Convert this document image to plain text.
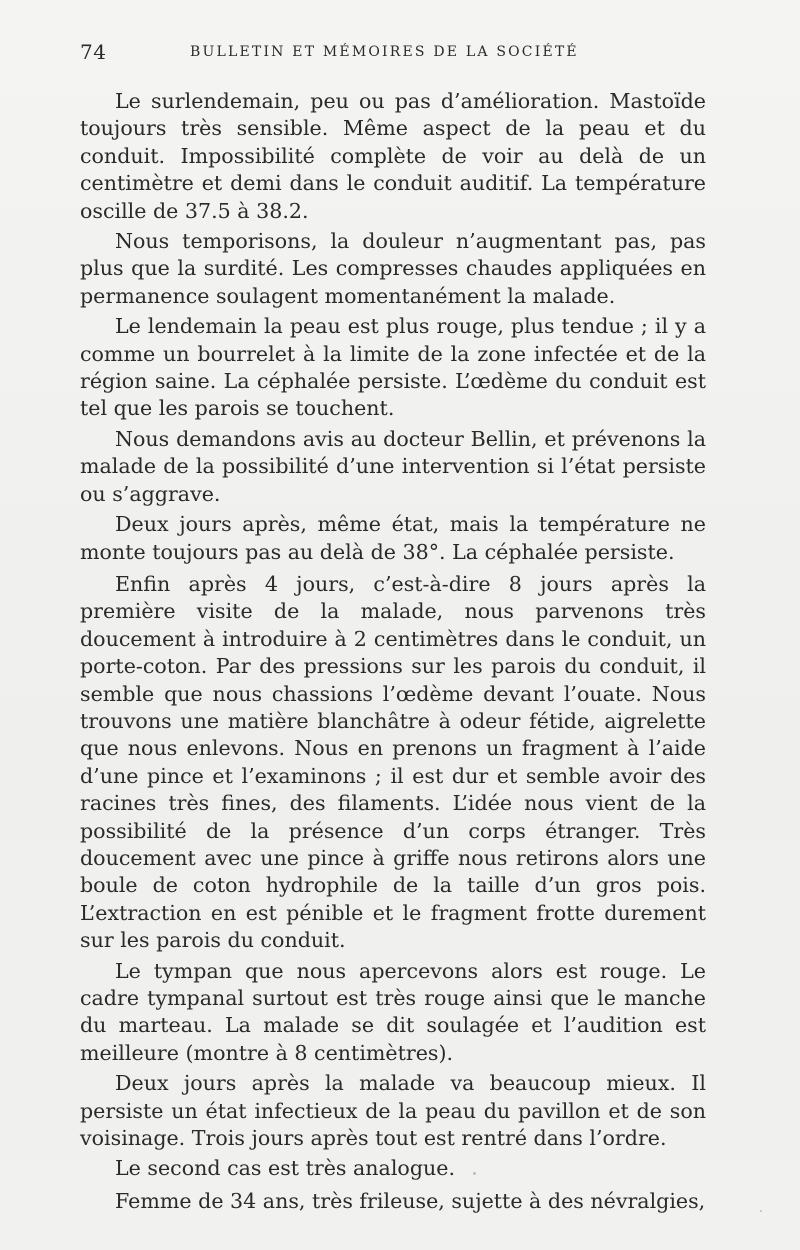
74	BULLETIN ET MÉMOIRES DE LA SOCIÉTÉ

Le surlendemain, peu ou pas d’amélioration. Mastoïde toujours très sensible. Même aspect de la peau et du conduit. Impossibilité complète de voir au delà de un centimètre et demi dans le conduit auditif. La température oscille de 37.5 à 38.2.

Nous temporisons, la douleur n’augmentant pas, pas plus que la surdité. Les compresses chaudes appliquées en permanence soulagent momentanément la malade.

Le lendemain la peau est plus rouge, plus tendue ; il y a comme un bourrelet à la limite de la zone infectée et de la région saine. La céphalée persiste. L’œdème du conduit est tel que les parois se touchent.

Nous demandons avis au docteur Bellin, et prévenons la malade de la possibilité d’une intervention si l’état persiste ou s’aggrave.

Deux jours après, même état, mais la température ne monte toujours pas au delà de 38°. La céphalée persiste.

Enfin après 4 jours, c’est-à-dire 8 jours après la première visite de la malade, nous parvenons très doucement à introduire à 2 centimètres dans le conduit, un porte-coton. Par des pressions sur les parois du conduit, il semble que nous chassions l’œdème devant l’ouate. Nous trouvons une matière blanchâtre à odeur fétide, aigrelette que nous enlevons. Nous en prenons un fragment à l’aide d’une pince et l’examinons ; il est dur et semble avoir des racines très fines, des filaments. L’idée nous vient de la possibilité de la présence d’un corps étranger. Très doucement avec une pince à griffe nous retirons alors une boule de coton hydrophile de la taille d’un gros pois. L’extraction en est pénible et le fragment frotte durement sur les parois du conduit.

Le tympan que nous apercevons alors est rouge. Le cadre tympanal surtout est très rouge ainsi que le manche du marteau. La malade se dit soulagée et l’audition est meilleure (montre à 8 centimètres).

Deux jours après la malade va beaucoup mieux. Il persiste un état infectieux de la peau du pavillon et de son voisinage. Trois jours après tout est rentré dans l’ordre.

Le second cas est très analogue.

Femme de 34 ans, très frileuse, sujette à des névralgies,
